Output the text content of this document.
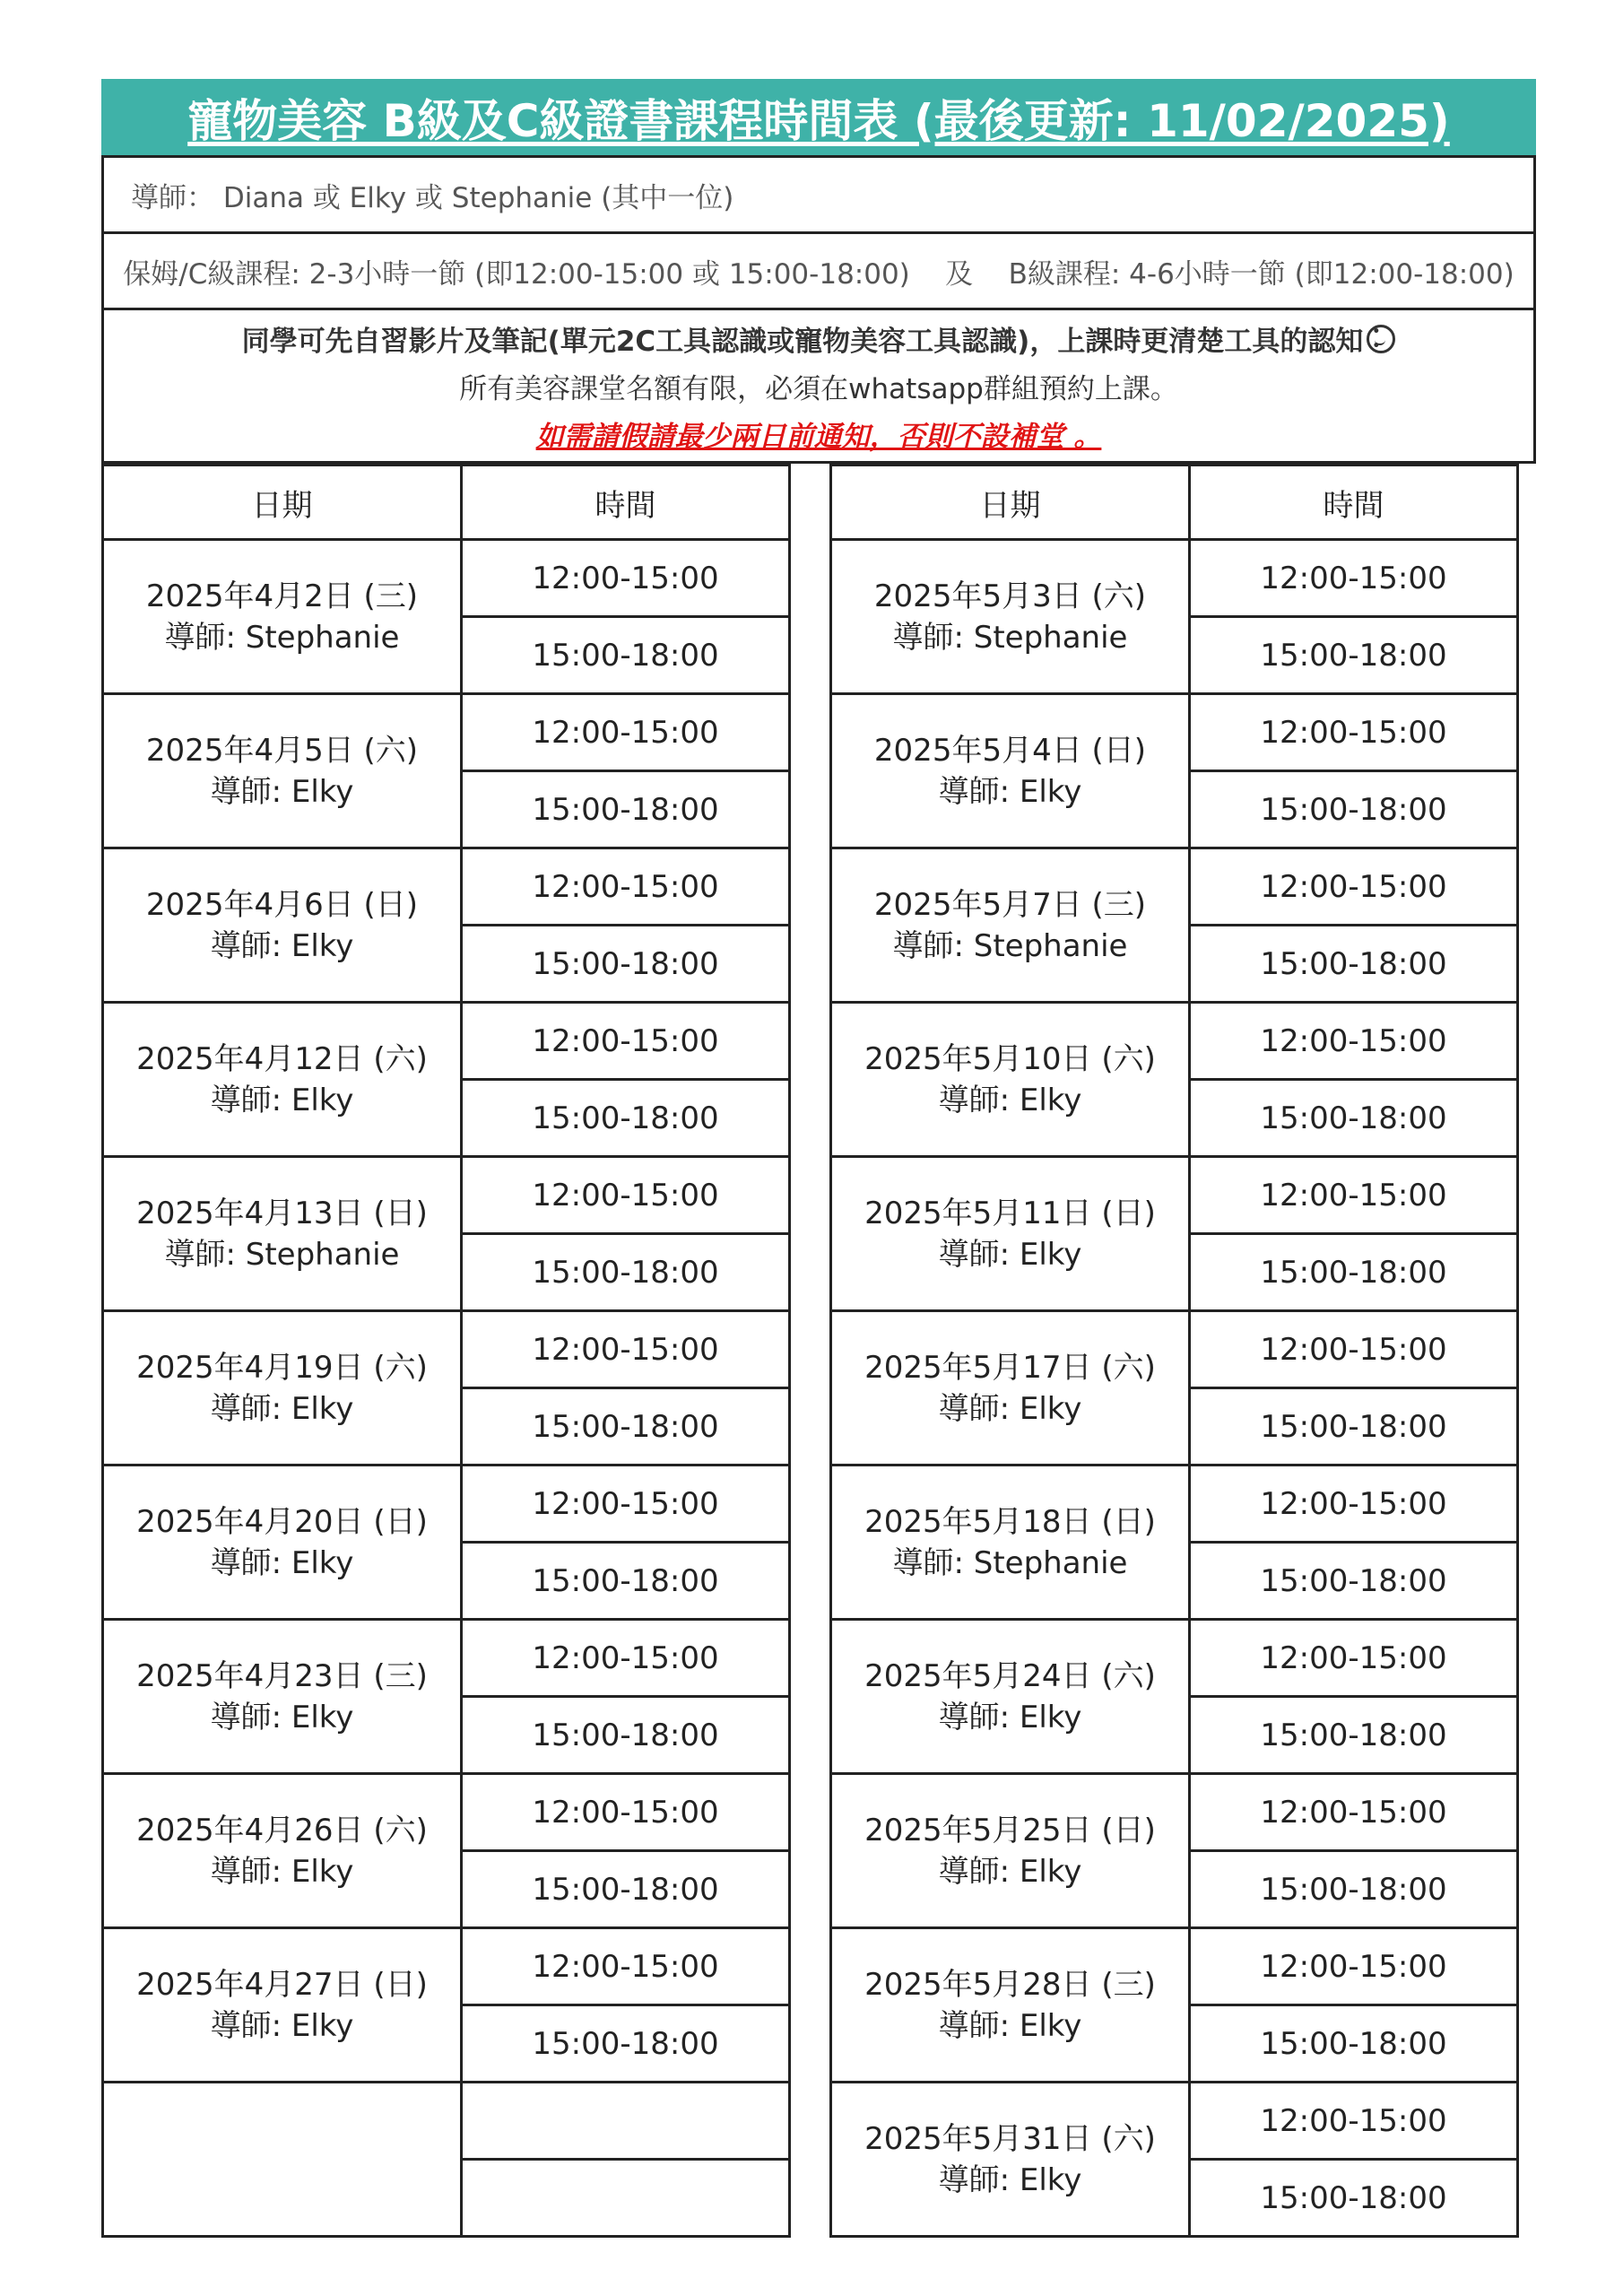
寵物美容 B級及C級證書課程時間表 (最後更新: 11/02/2025)
導師： Diana 或 Elky 或 Stephanie (其中一位)
保姆/C級課程: 2-3小時一節 (即12:00-15:00 或 15:00-18:00)    及    B級課程: 4-6小時一節 (即12:00-18:00)
同學可先自習影片及筆記(單元2C工具認識或寵物美容工具認識)，上課時更清楚工具的認知• •
所有美容課堂名額有限，必須在whatsapp群組預約上課。
如需請假請最少兩日前通知，否則不設補堂 。
日期	時間

2025年4月2日 (三)
導師: Stephanie	12:00-15:00
	15:00-18:00

2025年4月5日 (六)
導師: Elky	12:00-15:00
	15:00-18:00

2025年4月6日 (日)
導師: Elky	12:00-15:00
	15:00-18:00

2025年4月12日 (六)
導師: Elky	12:00-15:00
	15:00-18:00

2025年4月13日 (日)
導師: Stephanie	12:00-15:00
	15:00-18:00

2025年4月19日 (六)
導師: Elky	12:00-15:00
	15:00-18:00

2025年4月20日 (日)
導師: Elky	12:00-15:00
	15:00-18:00

2025年4月23日 (三)
導師: Elky	12:00-15:00
	15:00-18:00

2025年4月26日 (六)
導師: Elky	12:00-15:00
	15:00-18:00

2025年4月27日 (日)
導師: Elky	12:00-15:00
	15:00-18:00

日期	時間

2025年5月3日 (六)
導師: Stephanie	12:00-15:00
	15:00-18:00

2025年5月4日 (日)
導師: Elky	12:00-15:00
	15:00-18:00

2025年5月7日 (三)
導師: Stephanie	12:00-15:00
	15:00-18:00

2025年5月10日 (六)
導師: Elky	12:00-15:00
	15:00-18:00

2025年5月11日 (日)
導師: Elky	12:00-15:00
	15:00-18:00

2025年5月17日 (六)
導師: Elky	12:00-15:00
	15:00-18:00

2025年5月18日 (日)
導師: Stephanie	12:00-15:00
	15:00-18:00

2025年5月24日 (六)
導師: Elky	12:00-15:00
	15:00-18:00

2025年5月25日 (日)
導師: Elky	12:00-15:00
	15:00-18:00

2025年5月28日 (三)
導師: Elky	12:00-15:00
	15:00-18:00

2025年5月31日 (六)
導師: Elky	12:00-15:00
	15:00-18:00
